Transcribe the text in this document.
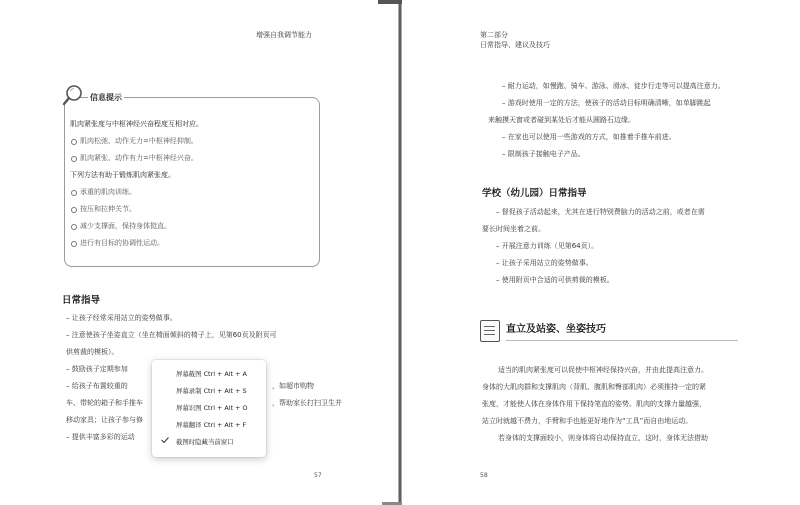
增强自我调节能力
信息提示
肌肉紧张度与中枢神经兴奋程度互相对应。
肌肉松弛、动作无力=中枢神经抑制。
肌肉紧张、动作有力=中枢神经兴奋。
下列方法有助于锻炼肌肉紧张度。
承重的肌肉训练。
按压和拉伸关节。
减少支撑面，保持身体挺直。
进行有目标的协调性运动。
日常指导
– 让孩子经常采用站立的姿势做事。
– 注意使孩子坐姿直立（坐在椅面倾斜的椅子上，见第60页及附页可
供剪裁的模板）。
– 鼓励孩子定期参加
– 给孩子布置较重的
车、带轮的箱子和手推车
移动家具；让孩子参与修
– 提供丰富多彩的运动
，如超市购物
，帮助家长打扫卫生并
57
第二部分
日常指导、建议及技巧
– 耐力运动，如慢跑、骑车、游泳、滑冰、徒步行走等可以提高注意力。
– 游戏时使用一定的方法，使孩子的活动目标明确清晰，如单脚跳起
来触摸天窗或者碰到某处后才能从圆路石边缘。
– 在家也可以使用一些游戏的方式，如推着手推车前进。
– 限制孩子接触电子产品。
学校（幼儿园）日常指导
– 督促孩子活动起来，尤其在进行特别费脑力的活动之前，或者在需
要长时间坐着之前。
– 开展注意力训练（见第64页）。
– 让孩子采用站立的姿势做事。
– 使用附页中合适的可供剪裁的模板。
直立及站姿、坐姿技巧
适当的肌肉紧张度可以促使中枢神经保持兴奋，并由此提高注意力。
身体的大肌肉群和支撑肌肉（背肌、腹肌和臀部肌肉）必须推持一定的紧
张度，才能使人体在身体作用下保持笔直的姿势。肌肉的支撑力量越强，
站立时就越不费力，手臂和手也能更好地作为“工具”而自由地运动。
若身体的支撑面较小，则身体将自动保持直立，这时，身体无法借助
58
屏幕截图 Ctrl + Alt + A
屏幕录制 Ctrl + Alt + S
屏幕识图 Ctrl + Alt + O
屏幕翻译 Ctrl + Alt + F
截图时隐藏当前窗口
